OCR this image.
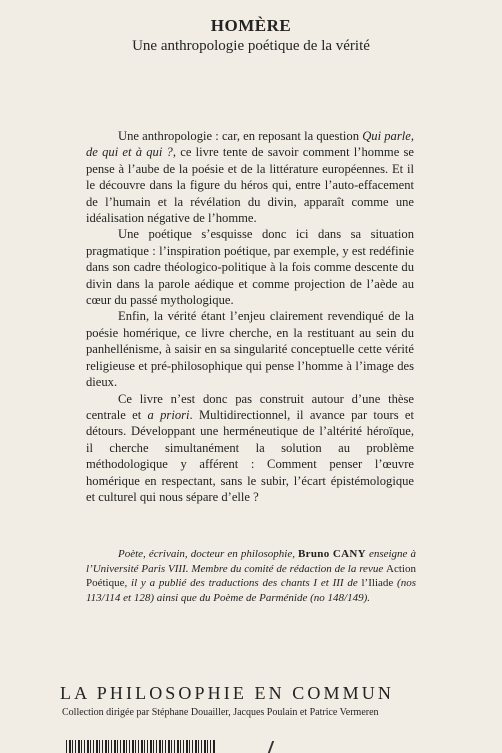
HOMÈRE
Une anthropologie poétique de la vérité

Une anthropologie : car, en reposant la question Qui parle, de qui et à qui ?, ce livre tente de savoir comment l’homme se pense à l’aube de la poésie et de la littérature européennes. Et il le découvre dans la figure du héros qui, entre l’auto-effacement de l’humain et la révélation du divin, apparaît comme une idéalisation négative de l’homme.

Une poétique s’esquisse donc ici dans sa situation pragmatique : l’inspiration poétique, par exemple, y est redéfinie dans son cadre théologico-politique à la fois comme descente du divin dans la parole aédique et comme projection de l’aède au cœur du passé mythologique.

Enfin, la vérité étant l’enjeu clairement revendiqué de la poésie homérique, ce livre cherche, en la restituant au sein du panhellénisme, à saisir en sa singularité conceptuelle cette vérité religieuse et pré-philosophique qui pense l’homme à l’image des dieux.

Ce livre n’est donc pas construit autour d’une thèse centrale et a priori. Multidirectionnel, il avance par tours et détours. Développant une herméneutique de l’altérité héroïque, il cherche simultanément la solution au problème méthodologique y afférent : Comment penser l’œuvre homérique en respectant, sans le subir, l’écart épistémologique et culturel qui nous sépare d’elle ?

Poète, écrivain, docteur en philosophie, Bruno CANY enseigne à l’Université Paris VIII. Membre du comité de rédaction de la revue Action Poétique, il y a publié des traductions des chants I et III de l’Iliade (nos 113/114 et 128) ainsi que du Poème de Parménide (no 148/149).

LA PHILOSOPHIE EN COMMUN
Collection dirigée par Stéphane Douailler, Jacques Poulain et Patrice Vermeren
